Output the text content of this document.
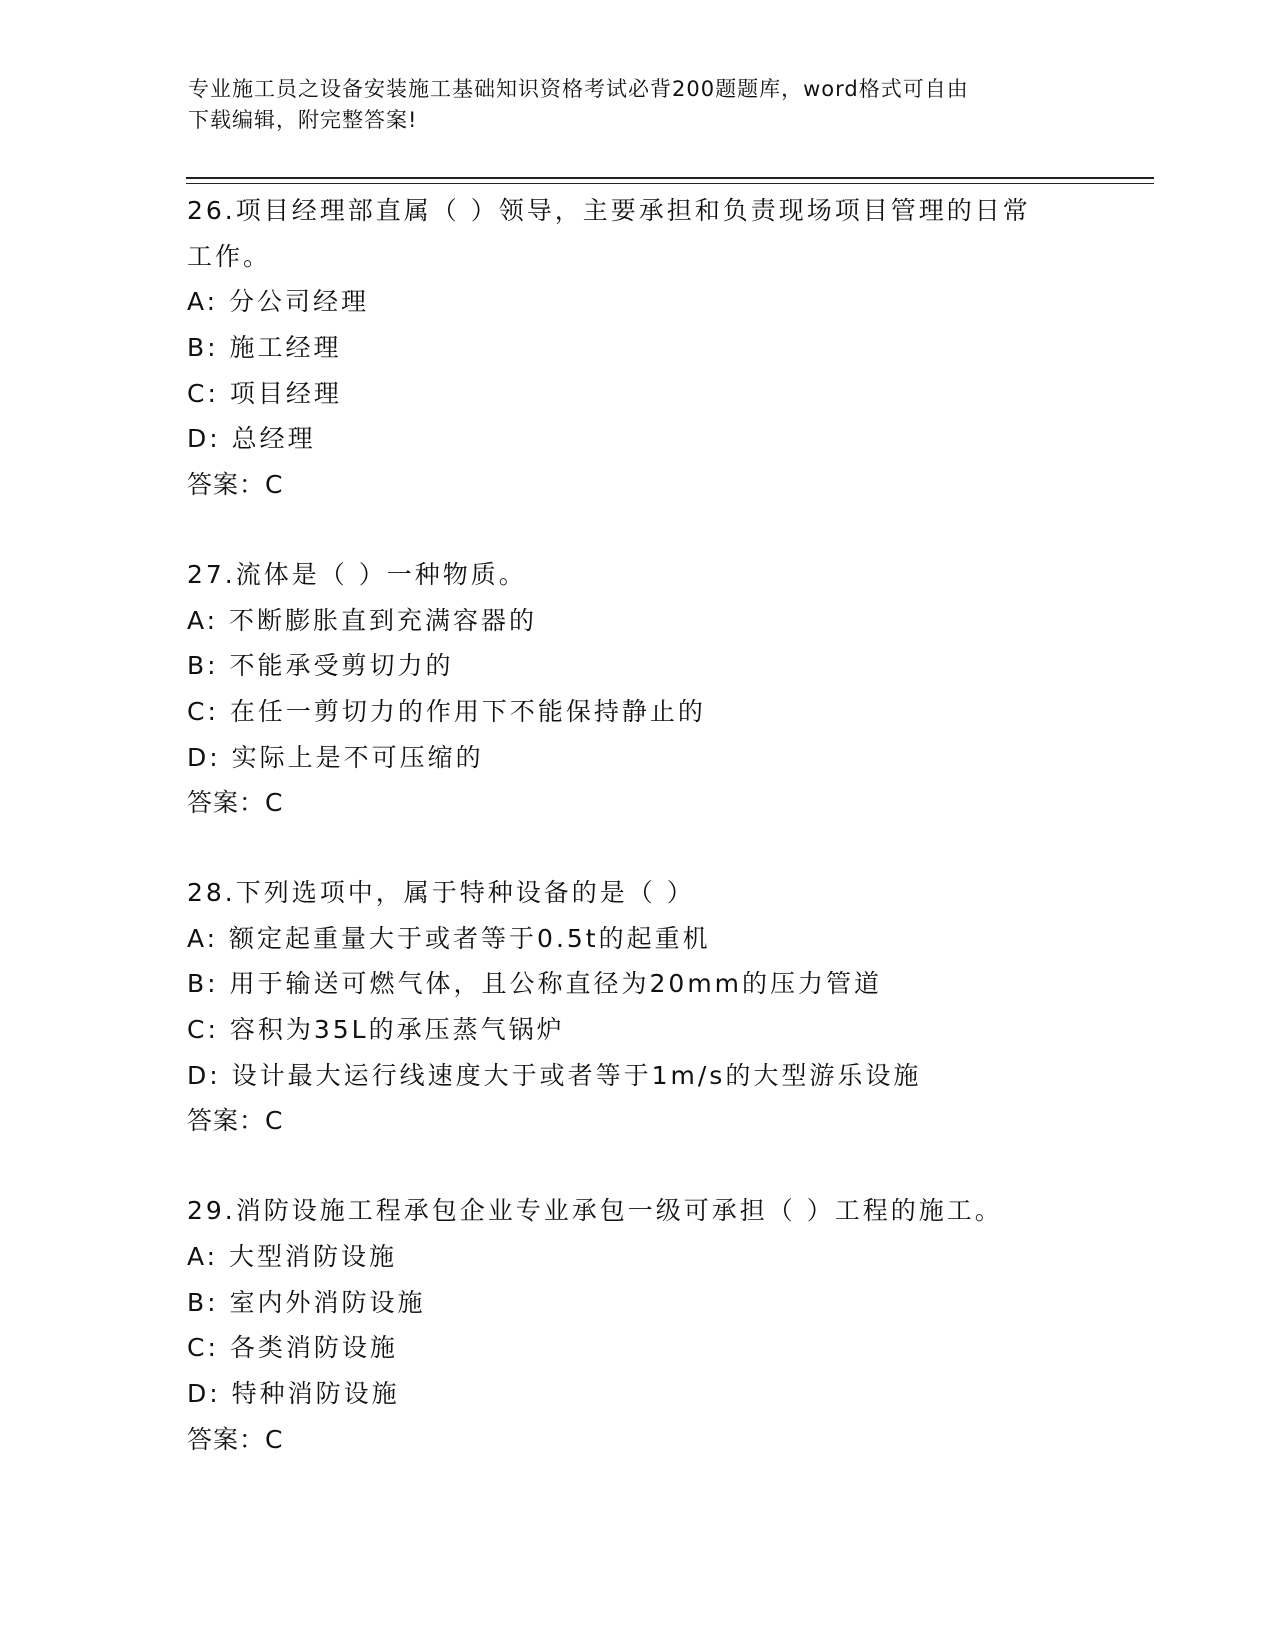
专业施工员之设备安装施工基础知识资格考试必背200题题库，word格式可自由
下载编辑，附完整答案!
26.项目经理部直属（ ）领导，主要承担和负责现场项目管理的日常
工作。
A: 分公司经理
B: 施工经理
C: 项目经理
D: 总经理
答案：C
27.流体是（ ）一种物质。
A: 不断膨胀直到充满容器的
B: 不能承受剪切力的
C: 在任一剪切力的作用下不能保持静止的
D: 实际上是不可压缩的
答案：C
28.下列选项中，属于特种设备的是（ ）
A: 额定起重量大于或者等于0.5t的起重机
B: 用于输送可燃气体，且公称直径为20mm的压力管道
C: 容积为35L的承压蒸气锅炉
D: 设计最大运行线速度大于或者等于1m/s的大型游乐设施
答案：C
29.消防设施工程承包企业专业承包一级可承担（ ）工程的施工。
A: 大型消防设施
B: 室内外消防设施
C: 各类消防设施
D: 特种消防设施
答案：C
